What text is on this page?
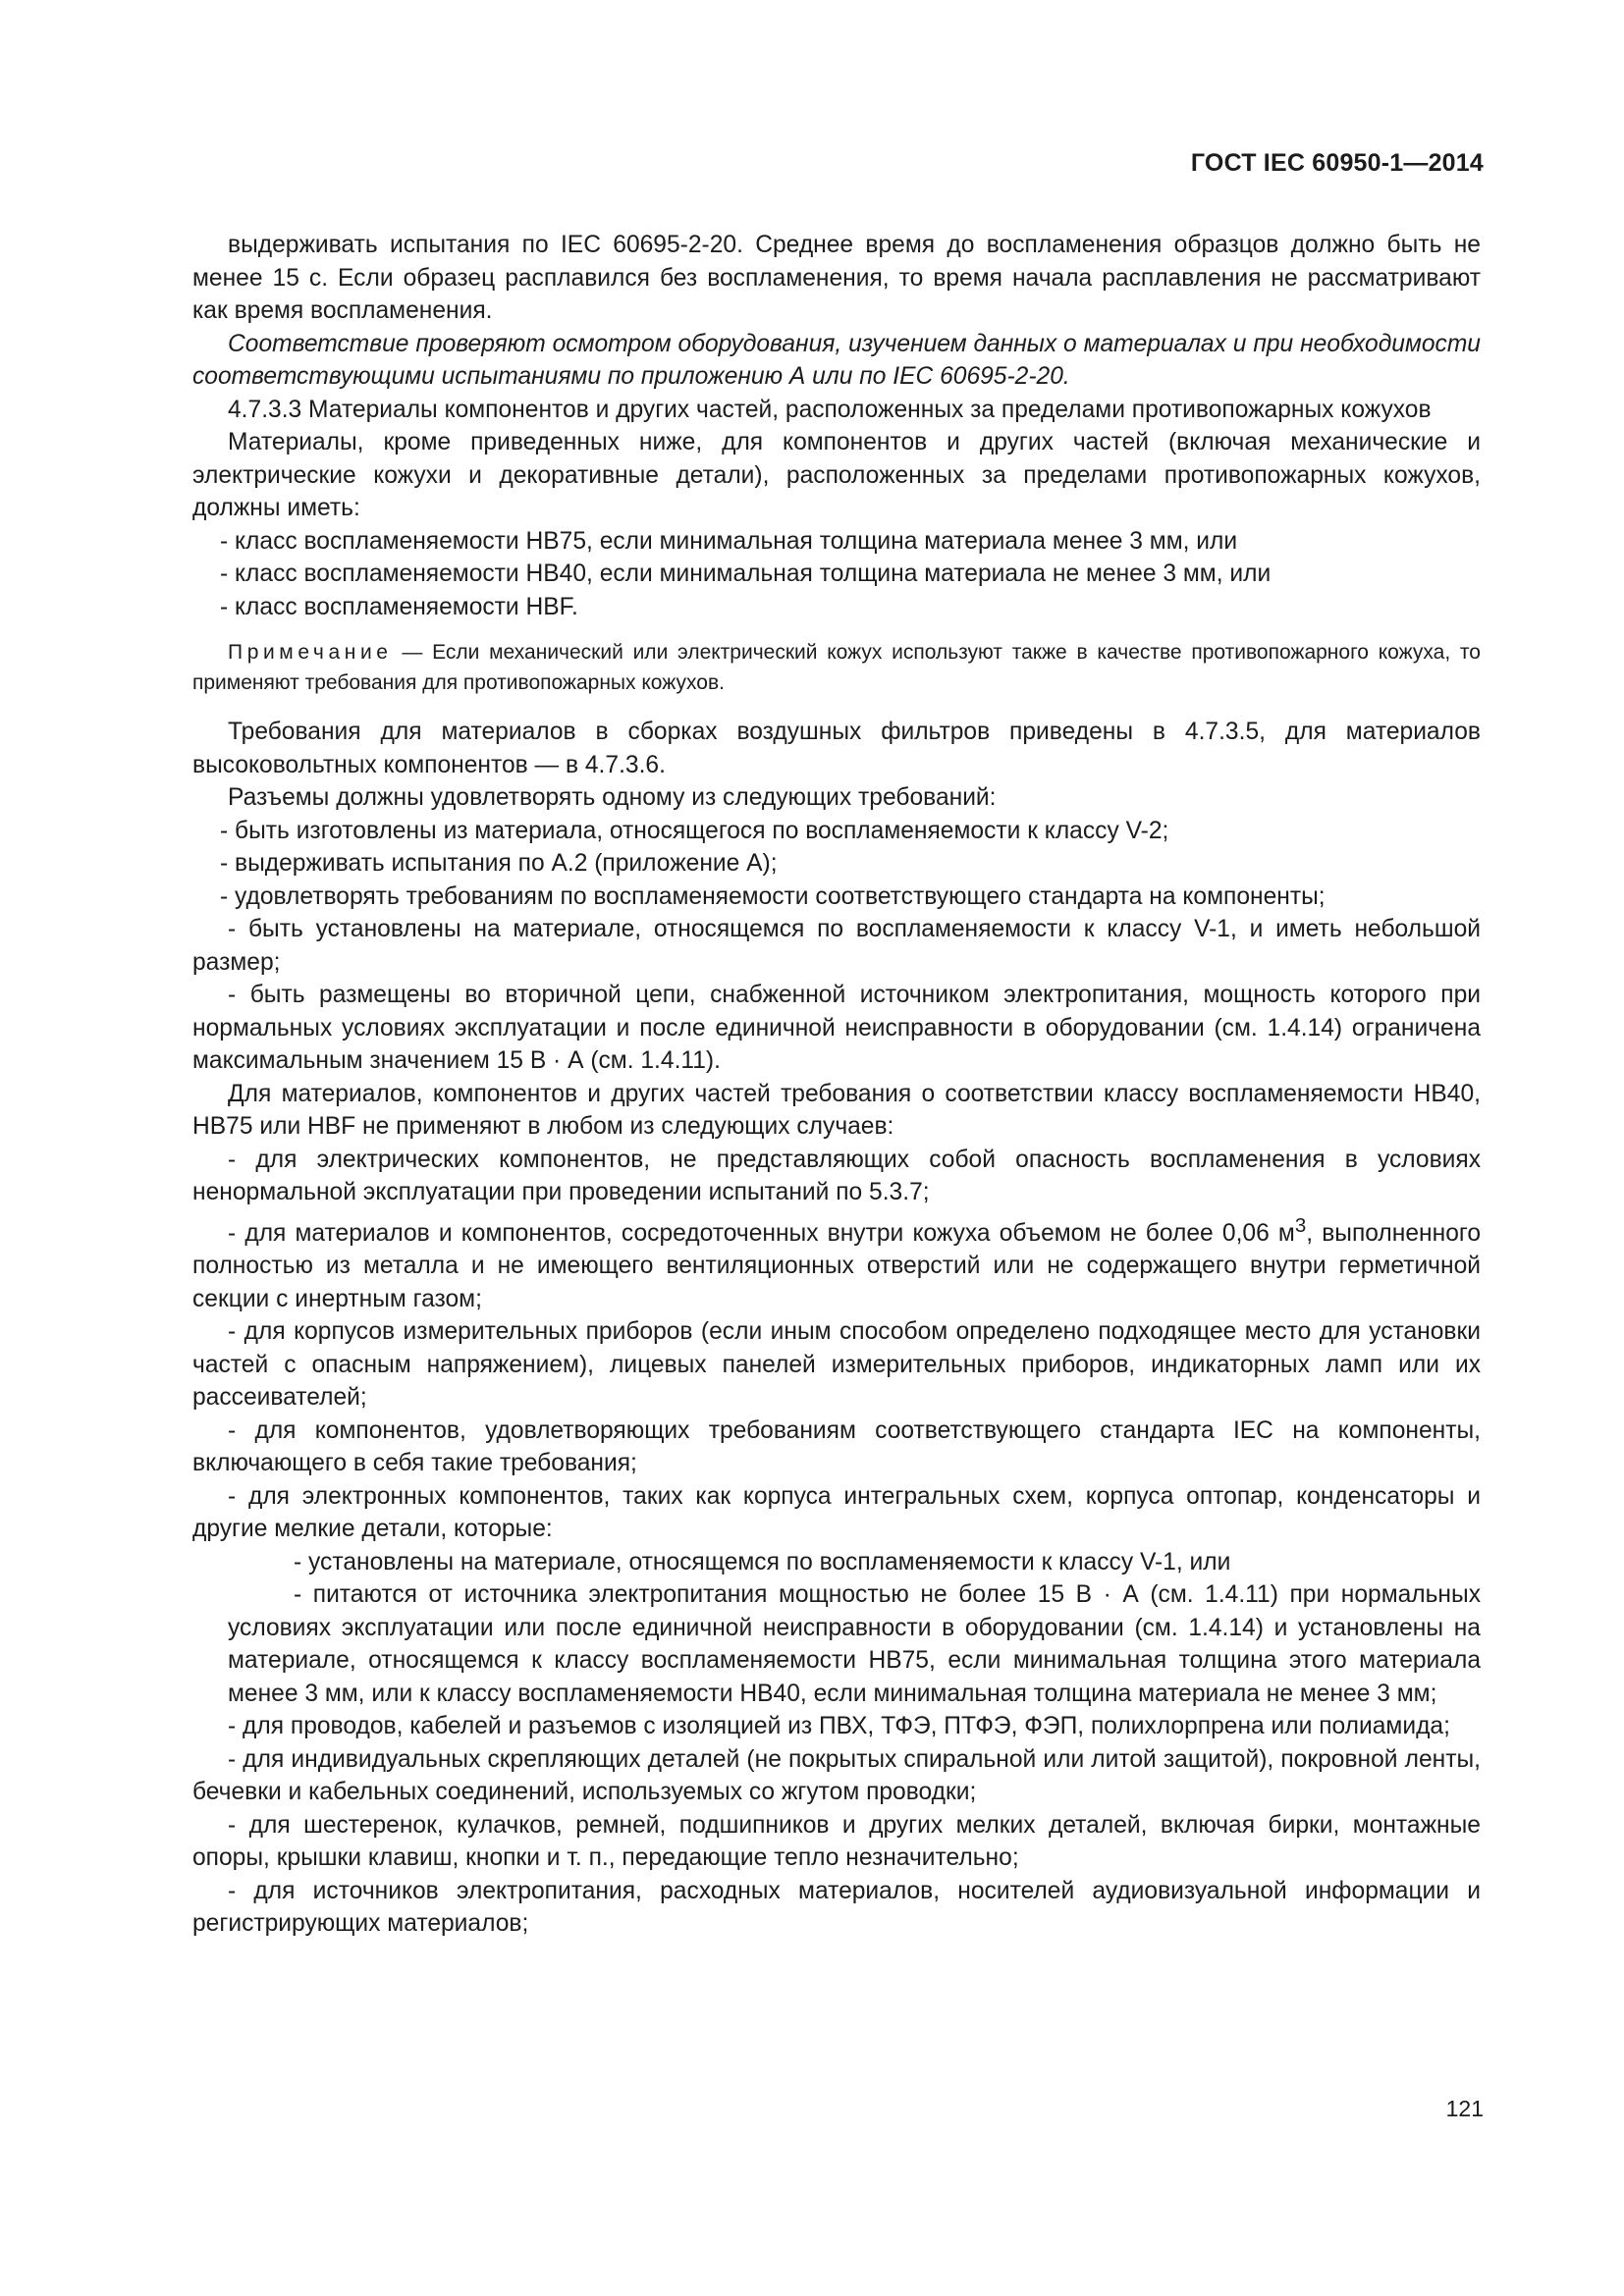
ГОСТ IEC 60950-1—2014

выдерживать испытания по IEC 60695-2-20. Среднее время до воспламенения образцов должно быть не менее 15 с. Если образец расплавился без воспламенения, то время начала расплавления не рассматривают как время воспламенения.

Соответствие проверяют осмотром оборудования, изучением данных о материалах и при необходимости соответствующими испытаниями по приложению А или по IEC 60695-2-20.

4.7.3.3 Материалы компонентов и других частей, расположенных за пределами противопожарных кожухов

Материалы, кроме приведенных ниже, для компонентов и других частей (включая механические и электрические кожухи и декоративные детали), расположенных за пределами противопожарных кожухов, должны иметь:

- класс воспламеняемости НВ75, если минимальная толщина материала менее 3 мм, или

- класс воспламеняемости НВ40, если минимальная толщина материала не менее 3 мм, или

- класс воспламеняемости HBF.

Примечание — Если механический или электрический кожух используют также в качестве противопожарного кожуха, то применяют требования для противопожарных кожухов.

Требования для материалов в сборках воздушных фильтров приведены в 4.7.3.5, для материалов высоковольтных компонентов — в 4.7.3.6.

Разъемы должны удовлетворять одному из следующих требований:

- быть изготовлены из материала, относящегося по воспламеняемости к классу V-2;

- выдерживать испытания по А.2 (приложение А);

- удовлетворять требованиям по воспламеняемости соответствующего стандарта на компоненты;

- быть установлены на материале, относящемся по воспламеняемости к классу V-1, и иметь небольшой размер;

- быть размещены во вторичной цепи, снабженной источником электропитания, мощность которого при нормальных условиях эксплуатации и после единичной неисправности в оборудовании (см. 1.4.14) ограничена максимальным значением 15 В · А (см. 1.4.11).

Для материалов, компонентов и других частей требования о соответствии классу воспламеняемости НВ40, НВ75 или HBF не применяют в любом из следующих случаев:

- для электрических компонентов, не представляющих собой опасность воспламенения в условиях ненормальной эксплуатации при проведении испытаний по 5.3.7;

- для материалов и компонентов, сосредоточенных внутри кожуха объемом не более 0,06 $м^3$, выполненного полностью из металла и не имеющего вентиляционных отверстий или не содержащего внутри герметичной секции с инертным газом;

- для корпусов измерительных приборов (если иным способом определено подходящее место для установки частей с опасным напряжением), лицевых панелей измерительных приборов, индикаторных ламп или их рассеивателей;

- для компонентов, удовлетворяющих требованиям соответствующего стандарта IEC на компоненты, включающего в себя такие требования;

- для электронных компонентов, таких как корпуса интегральных схем, корпуса оптопар, конденсаторы и другие мелкие детали, которые:

- установлены на материале, относящемся по воспламеняемости к классу V-1, или

- питаются от источника электропитания мощностью не более 15 В · А (см. 1.4.11) при нормальных условиях эксплуатации или после единичной неисправности в оборудовании (см. 1.4.14) и установлены на материале, относящемся к классу воспламеняемости НВ75, если минимальная толщина этого материала менее 3 мм, или к классу воспламеняемости НВ40, если минимальная толщина материала не менее 3 мм;

- для проводов, кабелей и разъемов с изоляцией из ПВХ, ТФЭ, ПТФЭ, ФЭП, полихлорпрена или полиамида;

- для индивидуальных скрепляющих деталей (не покрытых спиральной или литой защитой), покровной ленты, бечевки и кабельных соединений, используемых со жгутом проводки;

- для шестеренок, кулачков, ремней, подшипников и других мелких деталей, включая бирки, монтажные опоры, крышки клавиш, кнопки и т. п., передающие тепло незначительно;

- для источников электропитания, расходных материалов, носителей аудиовизуальной информации и регистрирующих материалов;

121
